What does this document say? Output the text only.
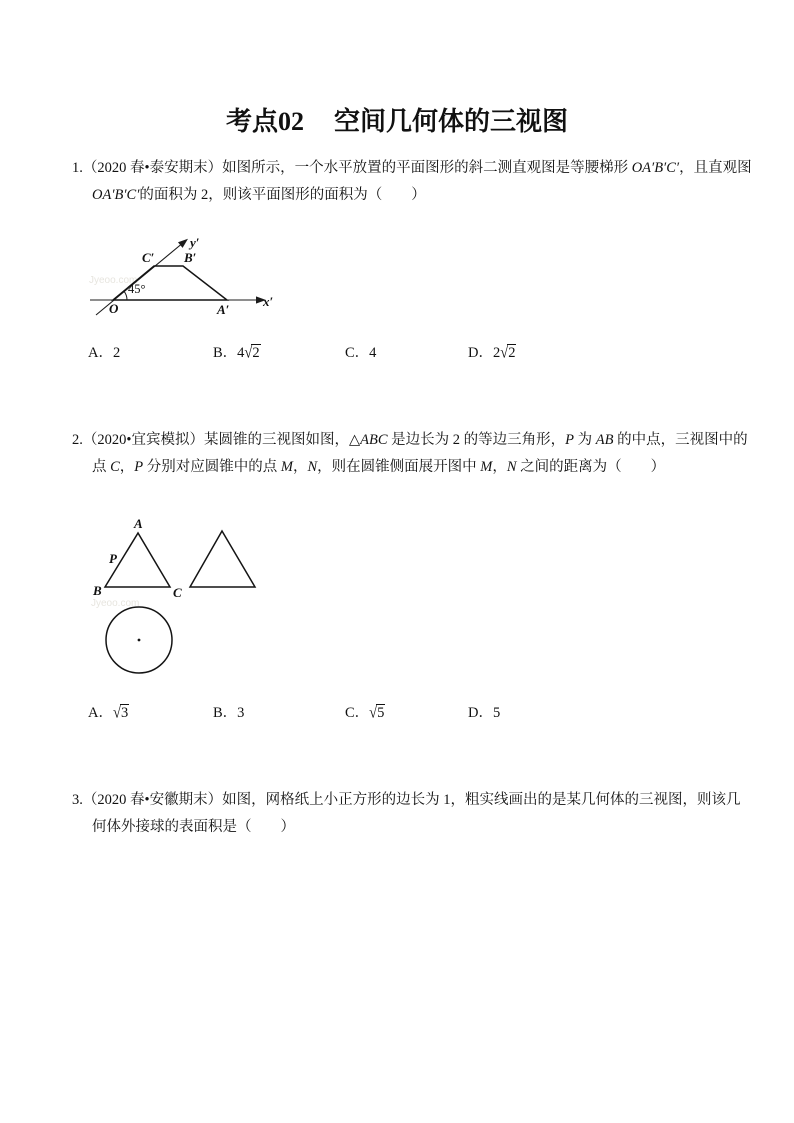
考点02 空间几何体的三视图
1.（2020 春•泰安期末）如图所示，一个水平放置的平面图形的斜二测直观图是等腰梯形 OA′B′C′，且直观图
OA′B′C′的面积为 2，则该平面图形的面积为（　　）
Jyeoo.com
45°
x′
y′
O	A′
B′
C′
A．2	B．4√2	C．4	D．2√2
2.（2020•宜宾模拟）某圆锥的三视图如图，△ABC 是边长为 2 的等边三角形，P 为 AB 的中点，三视图中的
点 C，P 分别对应圆锥中的点 M，N，则在圆锥侧面展开图中 M，N 之间的距离为（　　）
Jyeoo.com
A
P
B	C
A．√3	B．3	C．√5	D．5
3.（2020 春•安徽期末）如图，网格纸上小正方形的边长为 1，粗实线画出的是某几何体的三视图，则该几
何体外接球的表面积是（　　）
